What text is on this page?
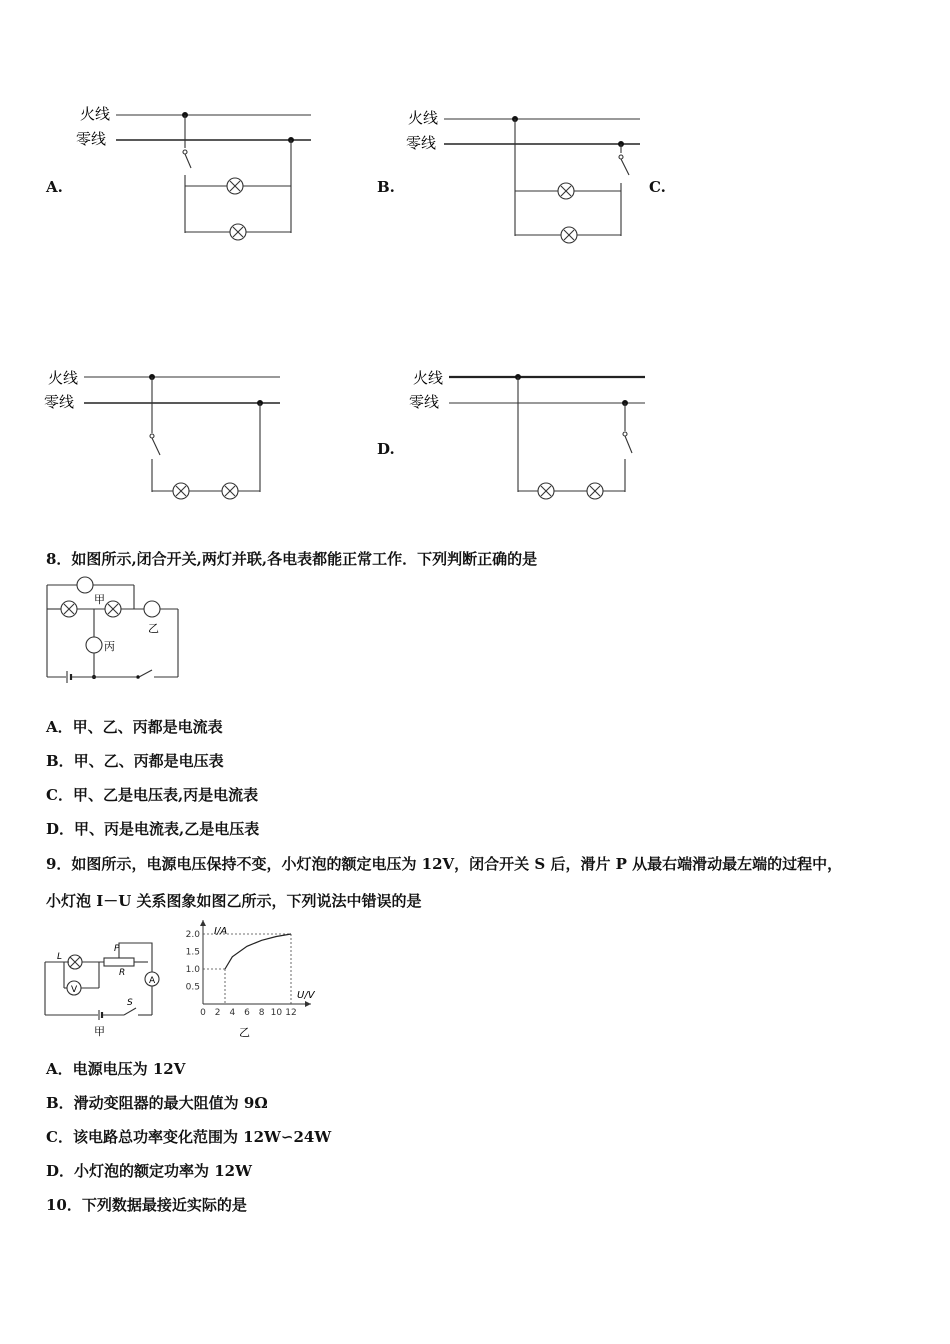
火线
零线
A.	B.
火线
零线
C.
火线
零线
D.
火线
零线
8．如图所示,闭合开关,两灯并联,各电表都能正常工作．下列判断正确的是
甲
乙
丙
A．甲、乙、丙都是电流表
B．甲、乙、丙都是电压表
C．甲、乙是电压表,丙是电流表
D．甲、丙是电流表,乙是电压表
9．如图所示，电源电压保持不变，小灯泡的额定电压为 12V，闭合开关 S 后，滑片 P 从最右端滑动最左端的过程中，
小灯泡 I－U 关系图象如图乙所示，下列说法中错误的是
L
R
P
A
V
S
甲
2.0
1.5
1.0
0.5
0 2 4 6 8 10 12
I/A
U/V
乙
A．电源电压为 12V
B．滑动变阻器的最大阻值为 9Ω
C．该电路总功率变化范围为 12W∽24W
D．小灯泡的额定功率为 12W
10．下列数据最接近实际的是
